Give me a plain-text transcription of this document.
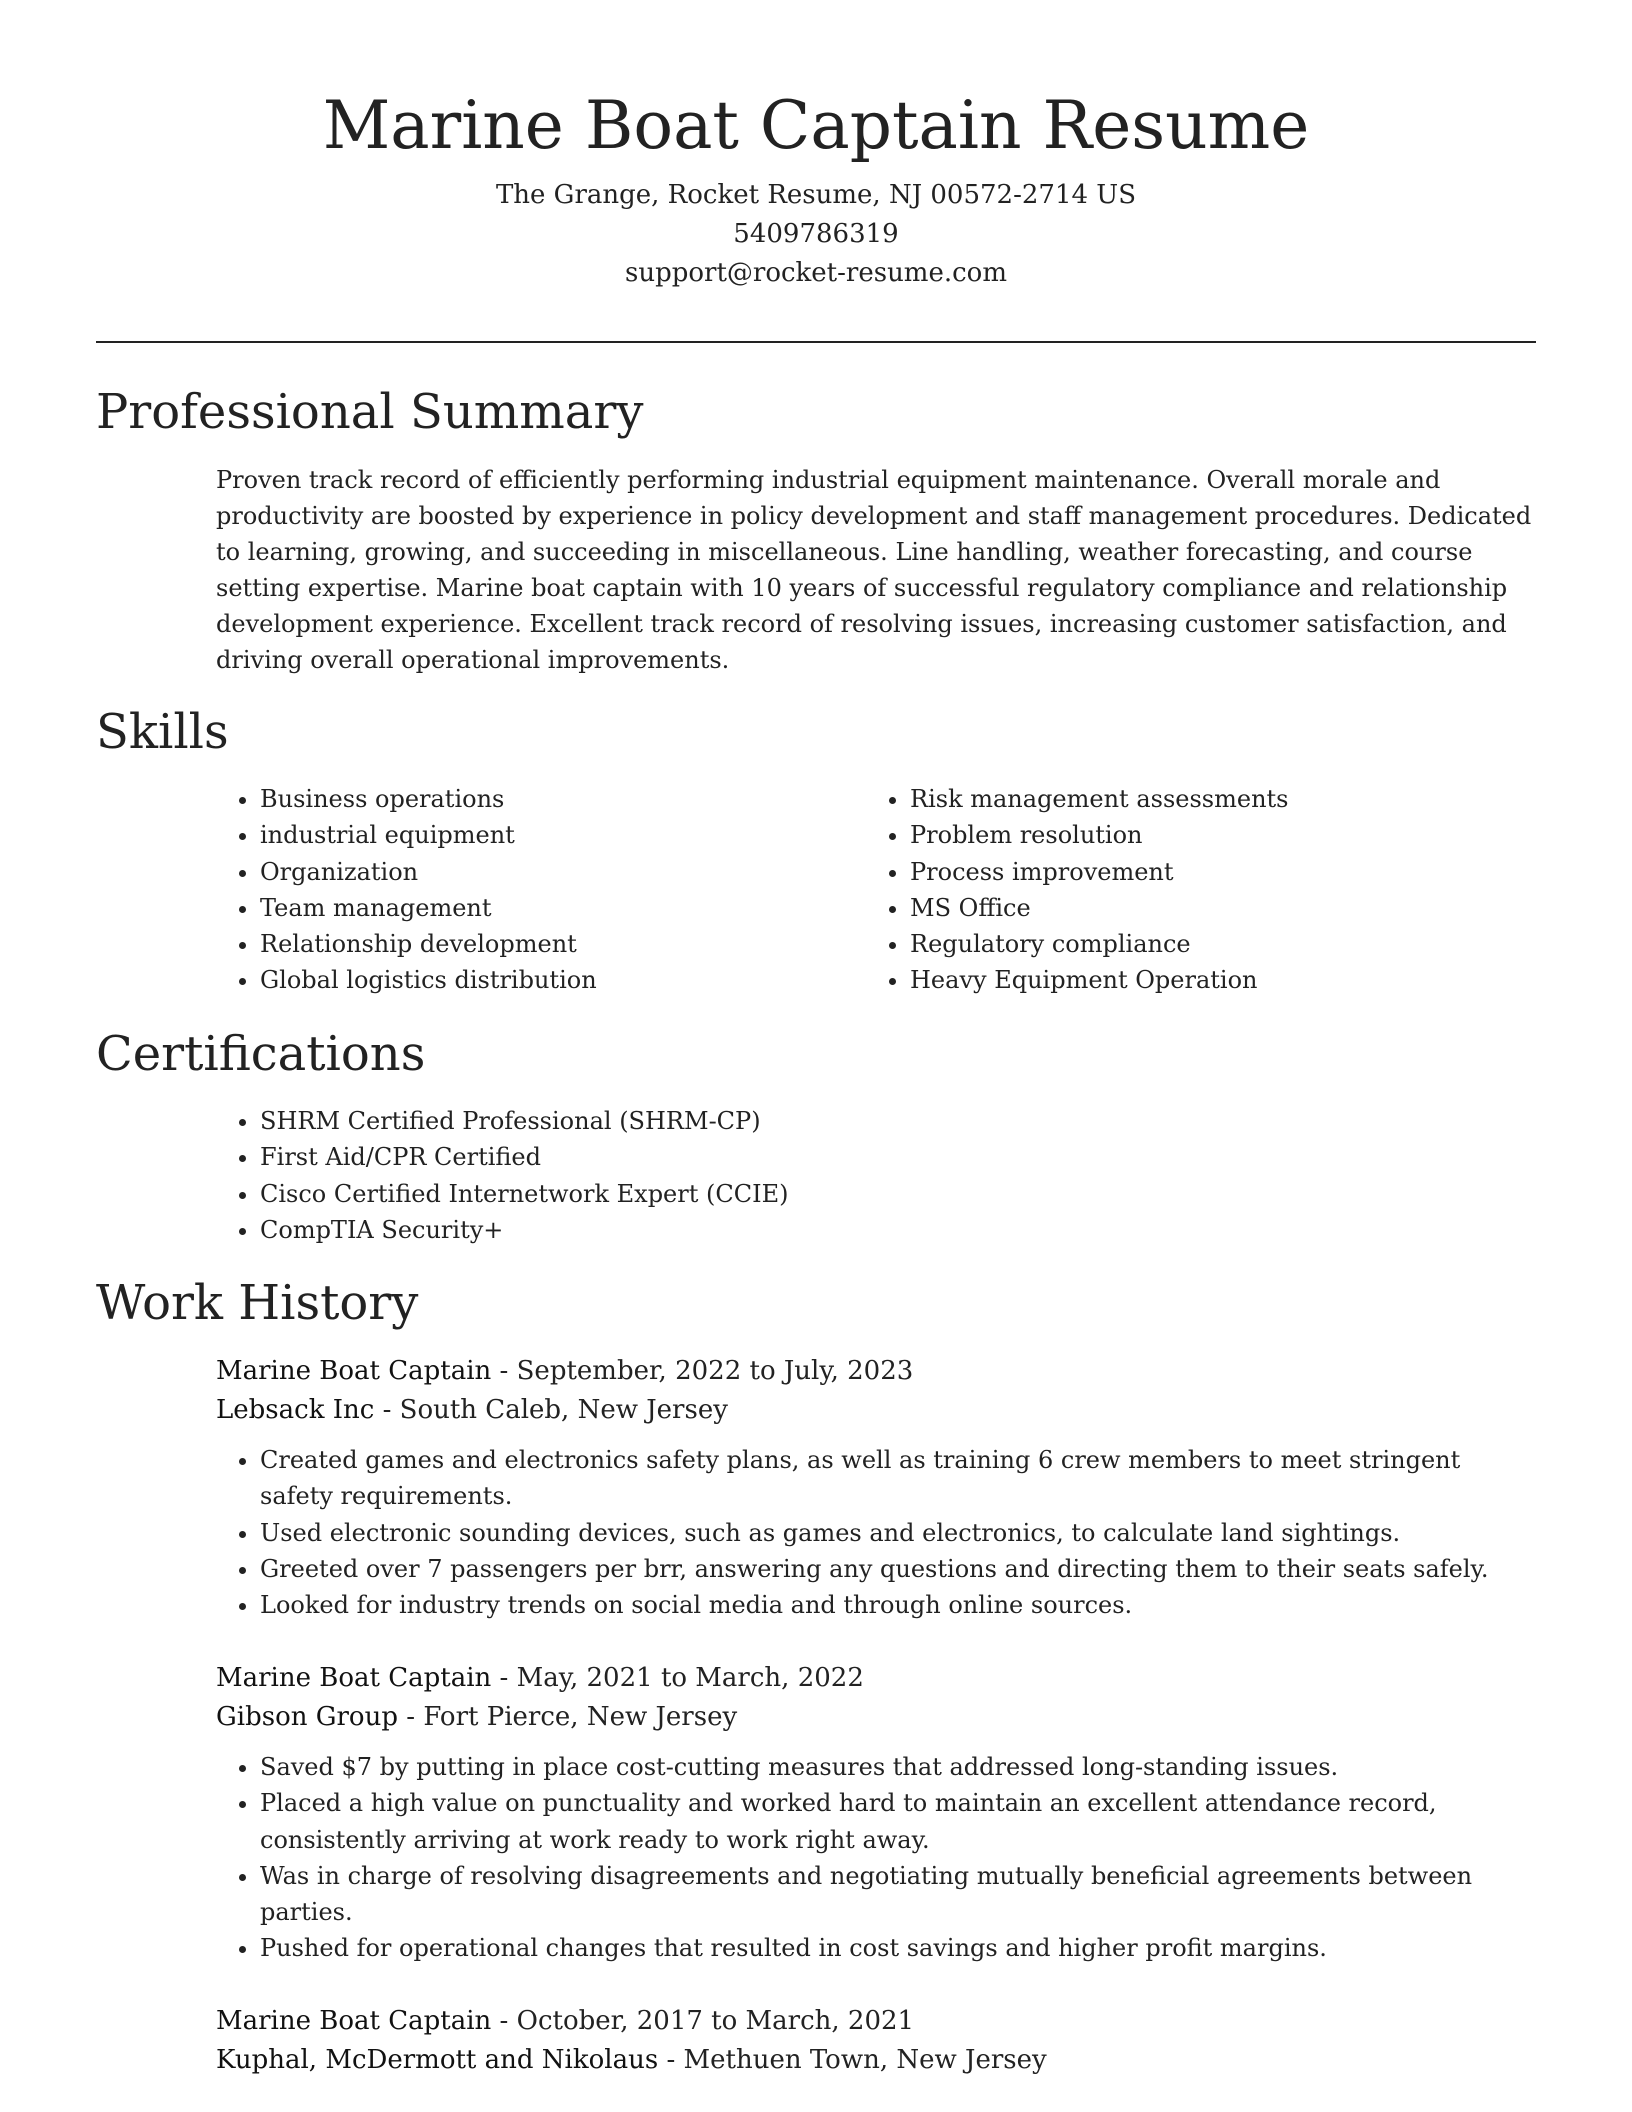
Marine Boat Captain Resume
The Grange, Rocket Resume, NJ 00572-2714 US
5409786319
support@rocket-resume.com
Professional Summary

Proven track record of efficiently performing industrial equipment maintenance. Overall morale and productivity are boosted by experience in policy development and staff management procedures. Dedicated to learning, growing, and succeeding in miscellaneous. Line handling, weather forecasting, and course setting expertise. Marine boat captain with 10 years of successful regulatory compliance and relationship development experience. Excellent track record of resolving issues, increasing customer satisfaction, and driving overall operational improvements.

Skills
• Business operations
• industrial equipment
• Organization
• Team management
• Relationship development
• Global logistics distribution
• Risk management assessments
• Problem resolution
• Process improvement
• MS Office
• Regulatory compliance
• Heavy Equipment Operation
Certifications
• SHRM Certified Professional (SHRM-CP)
• First Aid/CPR Certified
• Cisco Certified Internetwork Expert (CCIE)
• CompTIA Security+
Work History
Marine Boat Captain - September, 2022 to July, 2023
Lebsack Inc - South Caleb, New Jersey
• Created games and electronics safety plans, as well as training 6 crew members to meet stringent safety requirements.
• Used electronic sounding devices, such as games and electronics, to calculate land sightings.
• Greeted over 7 passengers per brr, answering any questions and directing them to their seats safely.
• Looked for industry trends on social media and through online sources.
Marine Boat Captain - May, 2021 to March, 2022
Gibson Group - Fort Pierce, New Jersey
• Saved $7 by putting in place cost-cutting measures that addressed long-standing issues.
• Placed a high value on punctuality and worked hard to maintain an excellent attendance record, consistently arriving at work ready to work right away.
• Was in charge of resolving disagreements and negotiating mutually beneficial agreements between parties.
• Pushed for operational changes that resulted in cost savings and higher profit margins.
Marine Boat Captain - October, 2017 to March, 2021
Kuphal, McDermott and Nikolaus - Methuen Town, New Jersey
